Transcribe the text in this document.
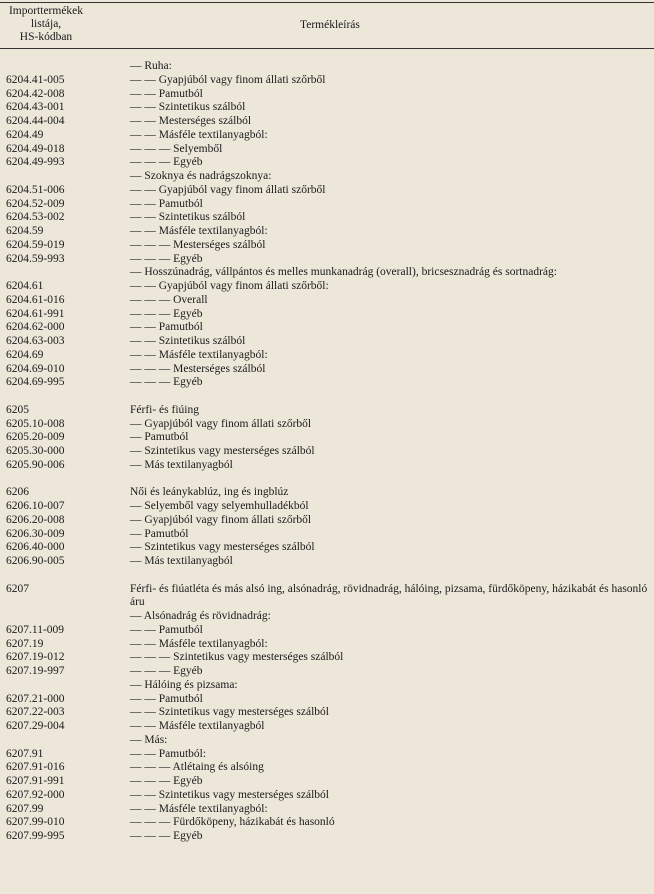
Importtermékek
listája,
HS-kódban
Termékleírás
— Ruha:
6204.41-005	— — Gyapjúból vagy finom állati szőrből
6204.42-008	— — Pamutból
6204.43-001	— — Szintetikus szálból
6204.44-004	— — Mesterséges szálból
6204.49	— — Másféle textilanyagból:
6204.49-018	— — — Selyemből
6204.49-993	— — — Egyéb
— Szoknya és nadrágszoknya:
6204.51-006	— — Gyapjúból vagy finom állati szőrből
6204.52-009	— — Pamutból
6204.53-002	— — Szintetikus szálból
6204.59	— — Másféle textilanyagból:
6204.59-019	— — — Mesterséges szálból
6204.59-993	— — — Egyéb
— Hosszúnadrág, vállpántos és melles munkanadrág (overall), bricsesznadrág és sortnadrág:
6204.61	— — Gyapjúból vagy finom állati szőrből:
6204.61-016	— — — Overall
6204.61-991	— — — Egyéb
6204.62-000	— — Pamutból
6204.63-003	— — Szintetikus szálból
6204.69	— — Másféle textilanyagból:
6204.69-010	— — — Mesterséges szálból
6204.69-995	— — — Egyéb
6205	Férfi- és fiúing
6205.10-008	— Gyapjúból vagy finom állati szőrből
6205.20-009	— Pamutból
6205.30-000	— Szintetikus vagy mesterséges szálból
6205.90-006	— Más textilanyagból
6206	Női és leánykablúz, ing és ingblúz
6206.10-007	— Selyemből vagy selyemhulladékból
6206.20-008	— Gyapjúból vagy finom állati szőrből
6206.30-009	— Pamutból
6206.40-000	— Szintetikus vagy mesterséges szálból
6206.90-005	— Más textilanyagból
6207	Férfi- és fiúatléta és más alsó ing, alsónadrág, rövidnadrág, hálóing, pizsama, fürdőköpeny, házikabát és hasonló áru
— Alsónadrág és rövidnadrág:
6207.11-009	— — Pamutból
6207.19	— — Másféle textilanyagból:
6207.19-012	— — — Szintetikus vagy mesterséges szálból
6207.19-997	— — — Egyéb
— Hálóing és pizsama:
6207.21-000	— — Pamutból
6207.22-003	— — Szintetikus vagy mesterséges szálból
6207.29-004	— — Másféle textilanyagból
— Más:
6207.91	— — Pamutból:
6207.91-016	— — — Atlétaing és alsóing
6207.91-991	— — — Egyéb
6207.92-000	— — Szintetikus vagy mesterséges szálból
6207.99	— — Másféle textilanyagból:
6207.99-010	— — — Fürdőköpeny, házikabát és hasonló
6207.99-995	— — — Egyéb
